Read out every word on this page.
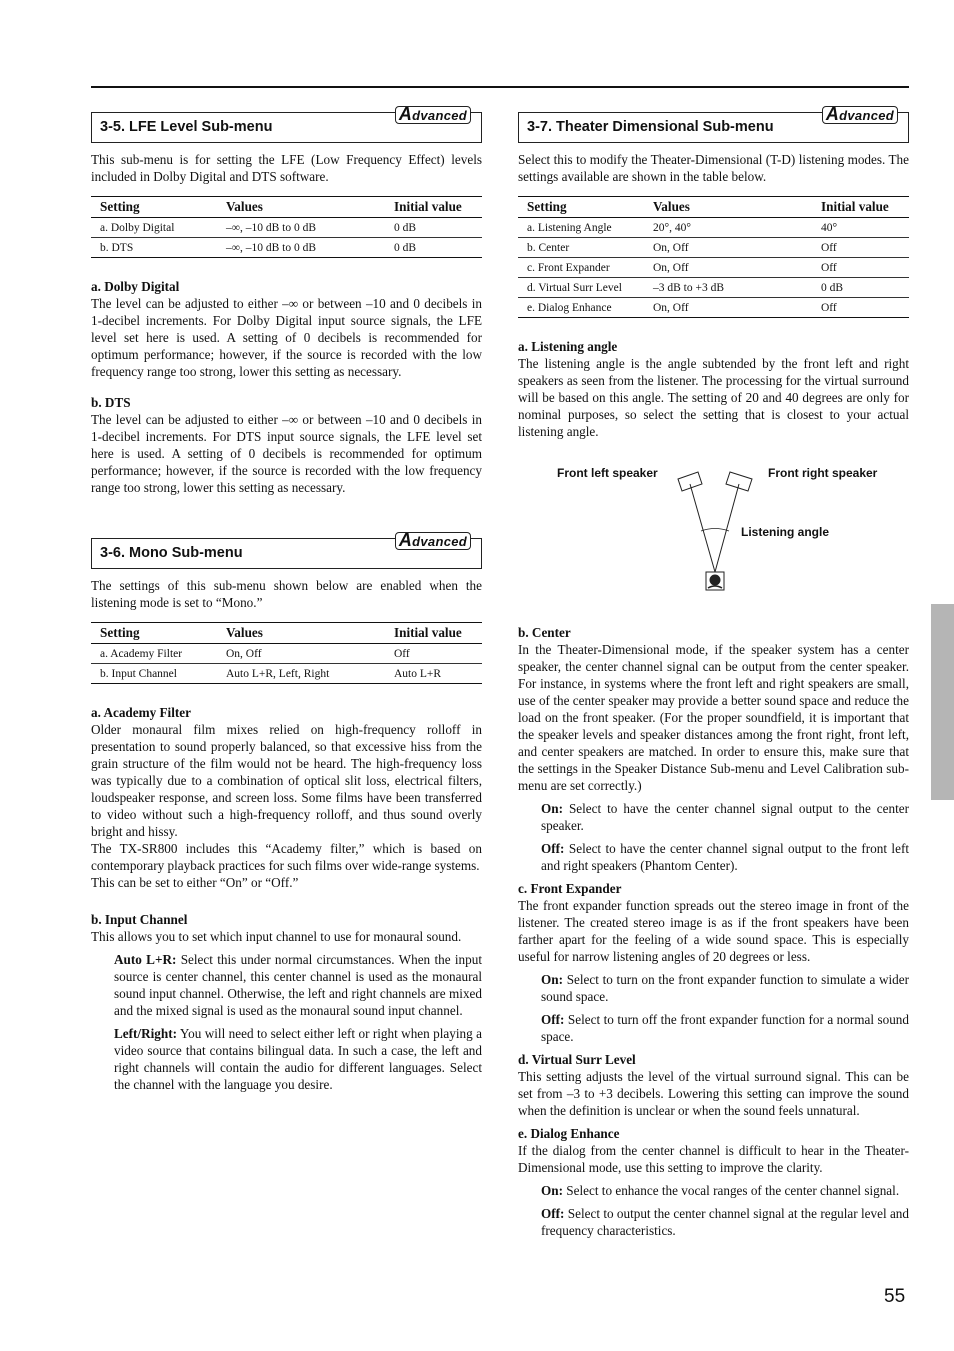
3-5. LFE Level Sub-menu
Advanced

This sub-menu is for setting the LFE (Low Frequency Effect) levels included in Dolby Digital and DTS software.

Setting	Values	Initial value
a. Dolby Digital	–∞, –10 dB to 0 dB	0 dB
b. DTS	–∞, –10 dB to 0 dB	0 dB
a. Dolby Digital

The level can be adjusted to either –∞ or between –10 and 0 decibels in 1-decibel increments. For Dolby Digital input source signals, the LFE level set here is used. A setting of 0 decibels is recommended for optimum performance; however, if the source is recorded with the low frequency range too strong, lower this setting as necessary.

b. DTS

The level can be adjusted to either –∞ or between –10 and 0 decibels in 1-decibel increments. For DTS input source signals, the LFE level set here is used. A setting of 0 decibels is recommended for optimum performance; however, if the source is recorded with the low frequency range too strong, lower this setting as necessary.

3-6. Mono Sub-menu
Advanced

The settings of this sub-menu shown below are enabled when the listening mode is set to “Mono.”

Setting	Values	Initial value
a. Academy Filter	On, Off	Off
b. Input Channel	Auto L+R, Left, Right	Auto L+R
a. Academy Filter

Older monaural film mixes relied on high-frequency rolloff in presentation to sound properly balanced, so that excessive hiss from the grain structure of the film would not be heard. The high-frequency loss was typically due to a combination of optical slit loss, electrical filters, loudspeaker response, and screen loss. Some films have been transferred to video without such a high-frequency rolloff, and thus sound overly bright and hissy.

The TX-SR800 includes this “Academy filter,” which is based on contemporary playback practices for such films over wide-range systems.

This can be set to either “On” or “Off.”

b. Input Channel

This allows you to set which input channel to use for monaural sound.

Auto L+R: Select this under normal circumstances. When the input source is center channel, this center channel is used as the monaural sound input channel. Otherwise, the left and right channels are mixed and the mixed signal is used as the monaural sound input channel.

Left/Right: You will need to select either left or right when playing a video source that contains bilingual data. In such a case, the left and right channels will contain the audio for different languages. Select the channel with the language you desire.

3-7. Theater Dimensional Sub-menu
Advanced

Select this to modify the Theater-Dimensional (T-D) listening modes. The settings available are shown in the table below.

Setting	Values	Initial value
a. Listening Angle	20°, 40°	40°
b. Center	On, Off	Off
c. Front Expander	On, Off	Off
d. Virtual Surr Level	–3 dB to +3 dB	0 dB
e. Dialog Enhance	On, Off	Off
a. Listening angle

The listening angle is the angle subtended by the front left and right speakers as seen from the listener. The processing for the virtual surround will be based on this angle. The setting of 20 and 40 degrees are only for nominal purposes, so select the setting that is closest to your actual listening angle.

Front left speaker	Front right speaker
Listening angle
b. Center

In the Theater-Dimensional mode, if the speaker system has a center speaker, the center channel signal can be output from the center speaker. For instance, in systems where the front left and right speakers are small, use of the center speaker may provide a better sound space and reduce the load on the front speaker. (For the proper soundfield, it is important that the speaker levels and speaker distances among the front right, front left, and center speakers are matched. In order to ensure this, make sure that the settings in the Speaker Distance Sub-menu and Level Calibration sub-menu are set correctly.)

On: Select to have the center channel signal output to the center speaker.

Off: Select to have the center channel signal output to the front left and right speakers (Phantom Center).

c. Front Expander

The front expander function spreads out the stereo image in front of the listener. The created stereo image is as if the front speakers have been farther apart for the feeling of a wide sound space. This is especially useful for narrow listening angles of 20 degrees or less.

On: Select to turn on the front expander function to simulate a wider sound space.

Off: Select to turn off the front expander function for a normal sound space.

d. Virtual Surr Level

This setting adjusts the level of the virtual surround signal. This can be set from –3 to +3 decibels. Lowering this setting can improve the sound when the definition is unclear or when the sound feels unnatural.

e. Dialog Enhance

If the dialog from the center channel is difficult to hear in the Theater-Dimensional mode, use this setting to improve the clarity.

On: Select to enhance the vocal ranges of the center channel signal.

Off: Select to output the center channel signal at the regular level and frequency characteristics.

55
